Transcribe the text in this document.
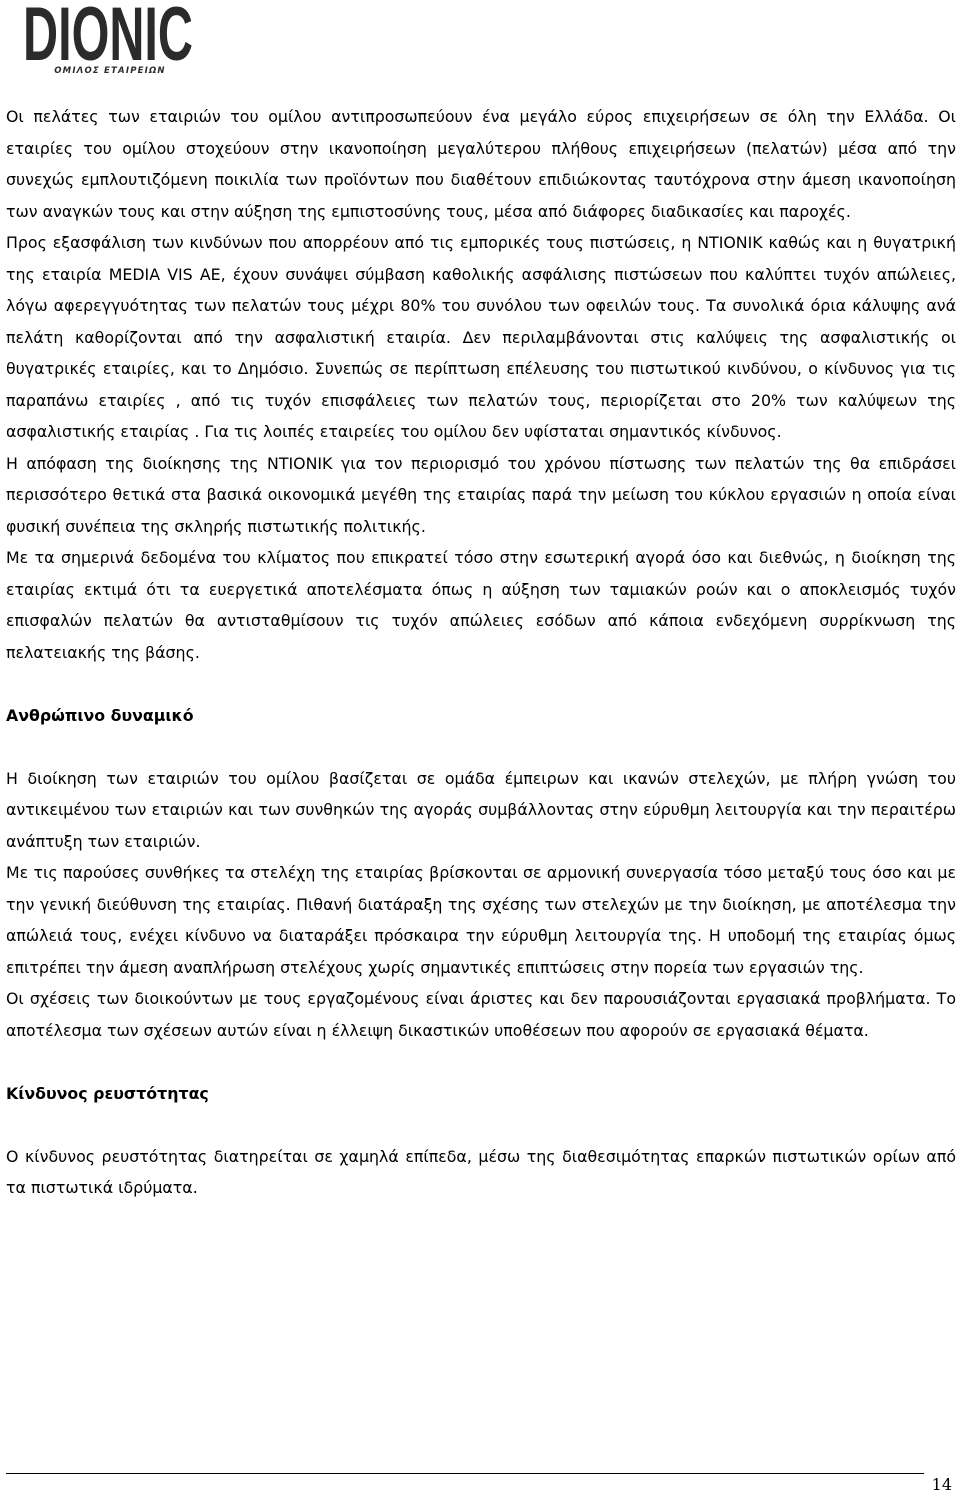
DIONIC
ΟΜΙΛΟΣ ΕΤΑΙΡΕΙΩΝ

Οι πελάτες των εταιριών του ομίλου αντιπροσωπεύουν ένα μεγάλο εύρος επιχειρήσεων σε όλη την Ελλάδα. Οι εταιρίες του ομίλου στοχεύουν στην ικανοποίηση μεγαλύτερου πλήθους επιχειρήσεων (πελατών) μέσα από την συνεχώς εμπλουτιζόμενη ποικιλία των προϊόντων που διαθέτουν επιδιώκοντας ταυτόχρονα στην άμεση ικανοποίηση των αναγκών τους και στην αύξηση της εμπιστοσύνης τους, μέσα από διάφορες διαδικασίες και παροχές.

Προς εξασφάλιση των κινδύνων που απορρέουν από τις εμπορικές τους πιστώσεις, η ΝΤΙΟΝΙΚ καθώς και η θυγατρική της εταιρία MEDIA VIS AE, έχουν συνάψει σύμβαση καθολικής ασφάλισης πιστώσεων που καλύπτει τυχόν απώλειες, λόγω αφερεγγυότητας των πελατών τους μέχρι 80% του συνόλου των οφειλών τους. Τα συνολικά όρια κάλυψης ανά πελάτη καθορίζονται από την ασφαλιστική εταιρία. Δεν περιλαμβάνονται στις καλύψεις της ασφαλιστικής οι θυγατρικές εταιρίες, και το Δημόσιο. Συνεπώς σε περίπτωση επέλευσης του πιστωτικού κινδύνου, ο κίνδυνος για τις παραπάνω εταιρίες , από τις τυχόν επισφάλειες των πελατών τους, περιορίζεται στο 20% των καλύψεων της ασφαλιστικής εταιρίας . Για τις λοιπές εταιρείες του ομίλου δεν υφίσταται σημαντικός κίνδυνος.

Η απόφαση της διοίκησης της ΝΤΙΟΝΙΚ για τον περιορισμό του χρόνου πίστωσης των πελατών της θα επιδράσει περισσότερο θετικά στα βασικά οικονομικά μεγέθη της εταιρίας παρά την μείωση του κύκλου εργασιών η οποία είναι φυσική συνέπεια της σκληρής πιστωτικής πολιτικής.

Με τα σημερινά δεδομένα του κλίματος που επικρατεί τόσο στην εσωτερική αγορά όσο και διεθνώς, η διοίκηση της εταιρίας εκτιμά ότι τα ευεργετικά αποτελέσματα όπως η αύξηση των ταμιακών ροών και ο αποκλεισμός τυχόν επισφαλών πελατών θα αντισταθμίσουν τις τυχόν απώλειες εσόδων από κάποια ενδεχόμενη συρρίκνωση της πελατειακής της βάσης.

Ανθρώπινο δυναμικό

Η διοίκηση των εταιριών του ομίλου βασίζεται σε ομάδα έμπειρων και ικανών στελεχών, με πλήρη γνώση του αντικειμένου των εταιριών και των συνθηκών της αγοράς συμβάλλοντας στην εύρυθμη λειτουργία και την περαιτέρω ανάπτυξη των εταιριών.

Με τις παρούσες συνθήκες τα στελέχη της εταιρίας βρίσκονται σε αρμονική συνεργασία τόσο μεταξύ τους όσο και με την γενική διεύθυνση της εταιρίας. Πιθανή διατάραξη της σχέσης των στελεχών με την διοίκηση, με αποτέλεσμα την απώλειά τους, ενέχει κίνδυνο να διαταράξει πρόσκαιρα την εύρυθμη λειτουργία της. Η υποδομή της εταιρίας όμως επιτρέπει την άμεση αναπλήρωση στελέχους χωρίς σημαντικές επιπτώσεις στην πορεία των εργασιών της.

Οι σχέσεις των διοικούντων με τους εργαζομένους είναι άριστες και δεν παρουσιάζονται εργασιακά προβλήματα. Το αποτέλεσμα των σχέσεων αυτών είναι η έλλειψη δικαστικών υποθέσεων που αφορούν σε εργασιακά θέματα.

Κίνδυνος ρευστότητας

Ο κίνδυνος ρευστότητας διατηρείται σε χαμηλά επίπεδα, μέσω της διαθεσιμότητας επαρκών πιστωτικών ορίων από τα πιστωτικά ιδρύματα.

14
